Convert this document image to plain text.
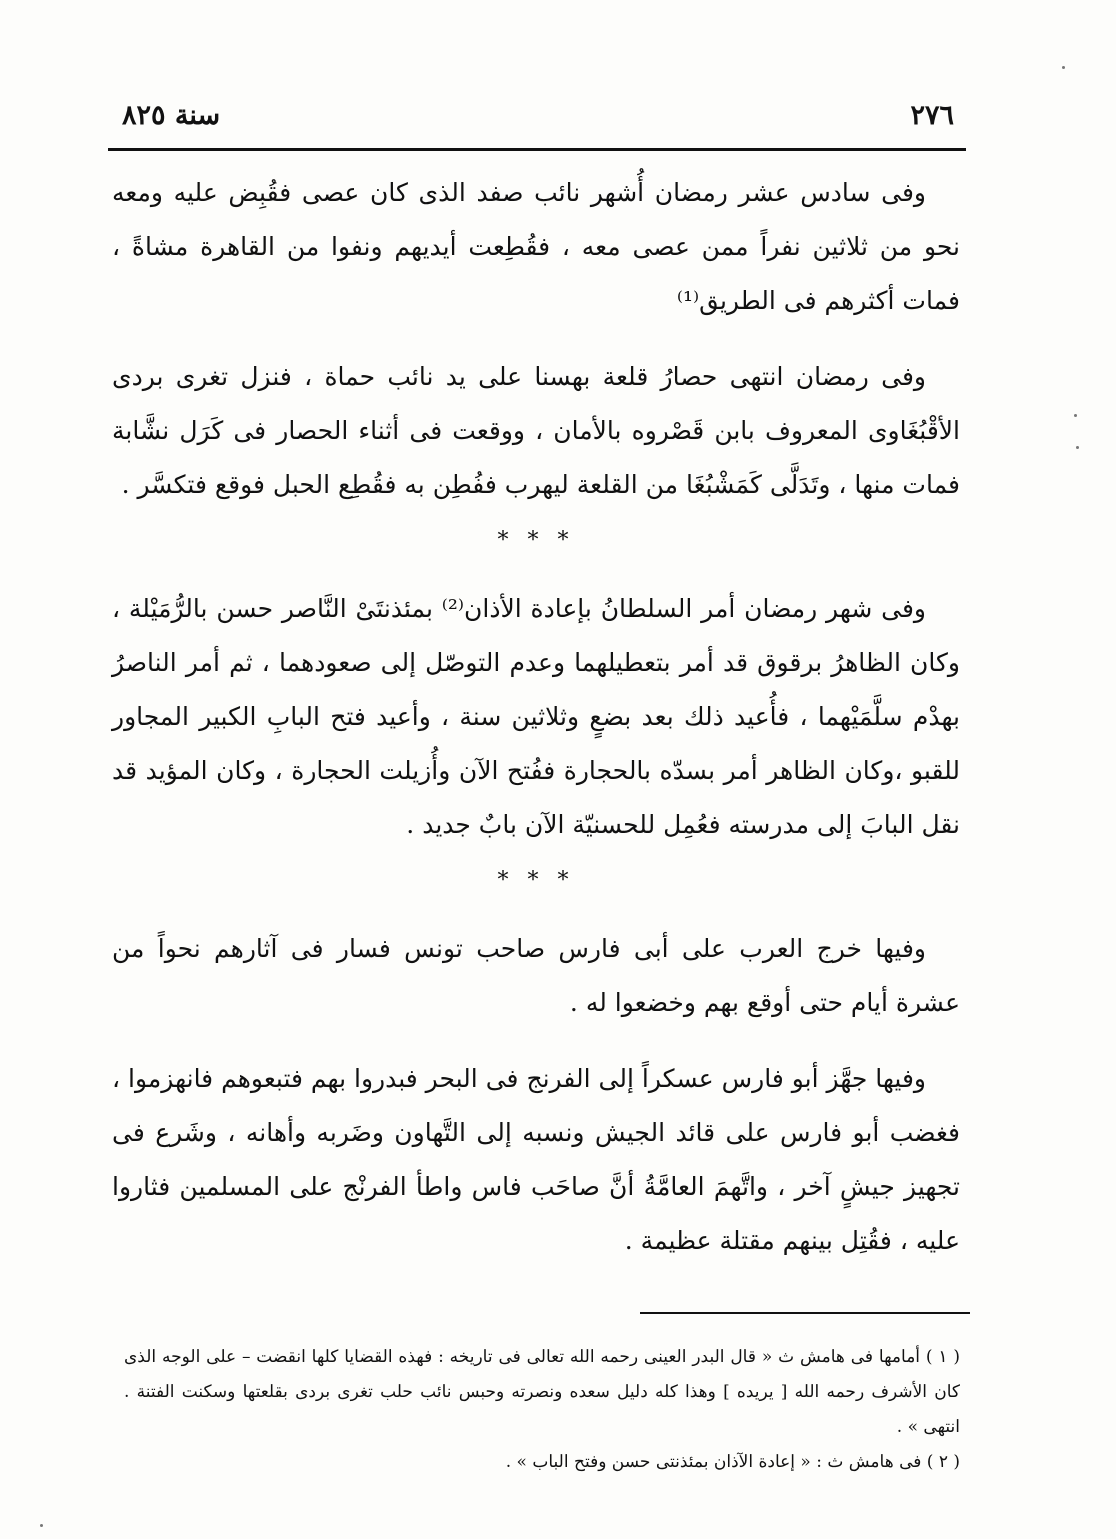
٢٧٦
سنة ٨٢٥

وفى سادس عشر رمضان أُشهر نائب صفد الذى كان عصى فقُبِض عليه ومعه نحو من ثلاثين نفراً ممن عصى معه ، فقُطِعت أيديهم ونفوا من القاهرة مشاةً ، فمات أكثرهم فى الطريق⁽¹⁾

وفى رمضان انتهى حصارُ قلعة بهسنا على يد نائب حماة ، فنزل تغرى بردى الأقْبُغَاوى المعروف بابن قَصْروه بالأمان ، ووقعت فى أثناء الحصار فى كَرَل نشَّابة فمات منها ، وتَدَلَّى كَمَشْبُغَا من القلعة ليهرب ففُطِن به فقُطِع الحبل فوقع فتكسَّر .

* * *

وفى شهر رمضان أمر السلطانُ بإعادة الأذان⁽²⁾ بمئذنتَىْ النَّاصر حسن بالرُّمَيْلة ، وكان الظاهرُ برقوق قد أمر بتعطيلهما وعدم التوصّل إلى صعودهما ، ثم أمر الناصرُ بهدْم سلَّمَيْهما ، فأُعيد ذلك بعد بضعٍ وثلاثين سنة ، وأعيد فتح البابِ الكبير المجاور للقبو ،وكان الظاهر أمر بسدّه بالحجارة ففُتح الآن وأُزيلت الحجارة ، وكان المؤيد قد نقل البابَ إلى مدرسته فعُمِل للحسنيّة الآن بابٌ جديد .

* * *

وفيها خرج العرب على أبى فارس صاحب تونس فسار فى آثارهم نحواً من عشرة أيام حتى أوقع بهم وخضعوا له .

وفيها جهَّز أبو فارس عسكراً إلى الفرنج فى البحر فبدروا بهم فتبعوهم فانهزموا ، فغضب أبو فارس على قائد الجيش ونسبه إلى التَّهاون وضَربه وأهانه ، وشَرع فى تجهيز جيشٍ آخر ، واتَّهمَ العامَّةُ أنَّ صاحَب فاس واطأ الفرنْج على المسلمين فثاروا عليه ، فقُتِل بينهم مقتلة عظيمة .

( ١ ) أمامها فى هامش ث « قال البدر العينى رحمه الله تعالى فى تاريخه : فهذه القضايا كلها انقضت – على الوجه الذى كان الأشرف رحمه الله [ يريده ] وهذا كله دليل سعده ونصرته وحبس نائب حلب تغرى بردى بقلعتها وسكنت الفتنة . انتهى » .

( ٢ ) فى هامش ث : « إعادة الآذان بمئذنتى حسن وفتح الباب » .
